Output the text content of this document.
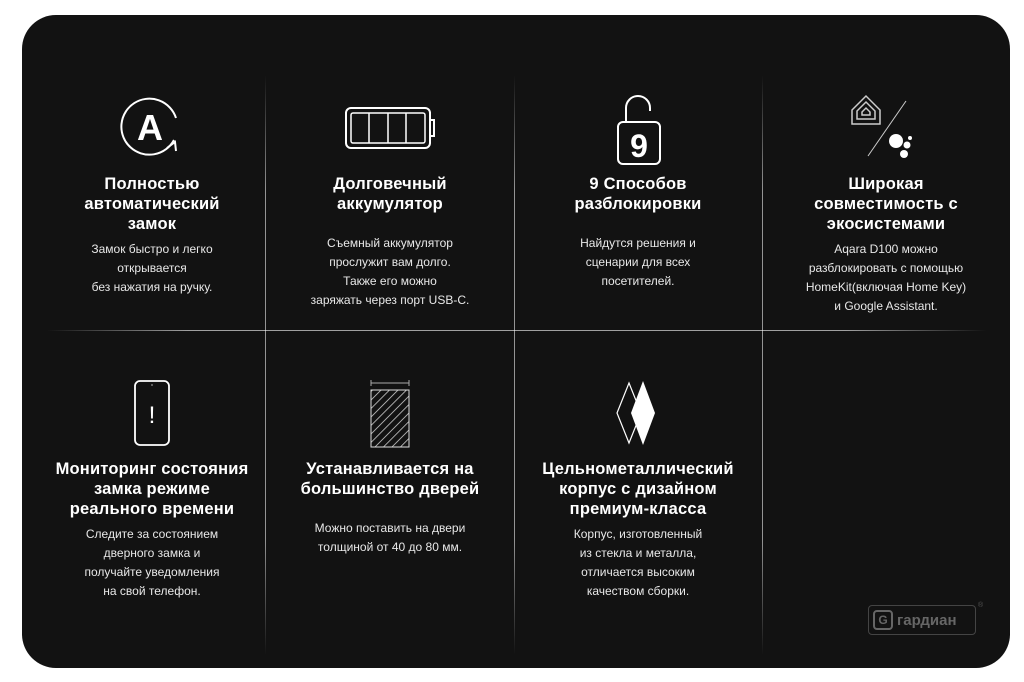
A
Полностью
автоматический
замок
Замок быстро и легко
открывается
без нажатия на ручку.
Долговечный
аккумулятор
Съемный аккумулятор
прослужит вам долго.
Также его можно
заряжать через порт USB-C.
9
9 Способов
разблокировки
Найдутся решения и
сценарии для всех
посетителей.
Широкая
совместимость с
экосистемами
Aqara D100 можно
разблокировать с помощью
HomeKit(включая Home Key)
и Google Assistant.
!
Мониторинг состояния
замка режиме
реального времени
Следите за состоянием
дверного замка и
получайте уведомления
на свой телефон.
Устанавливается на
большинство дверей
Можно поставить на двери
толщиной от 40 до 80 мм.
Цельнометаллический
корпус с дизайном
премиум-класса
Корпус, изготовленный
из стекла и металла,
отличается высоким
качеством сборки.
G гардиан
®
